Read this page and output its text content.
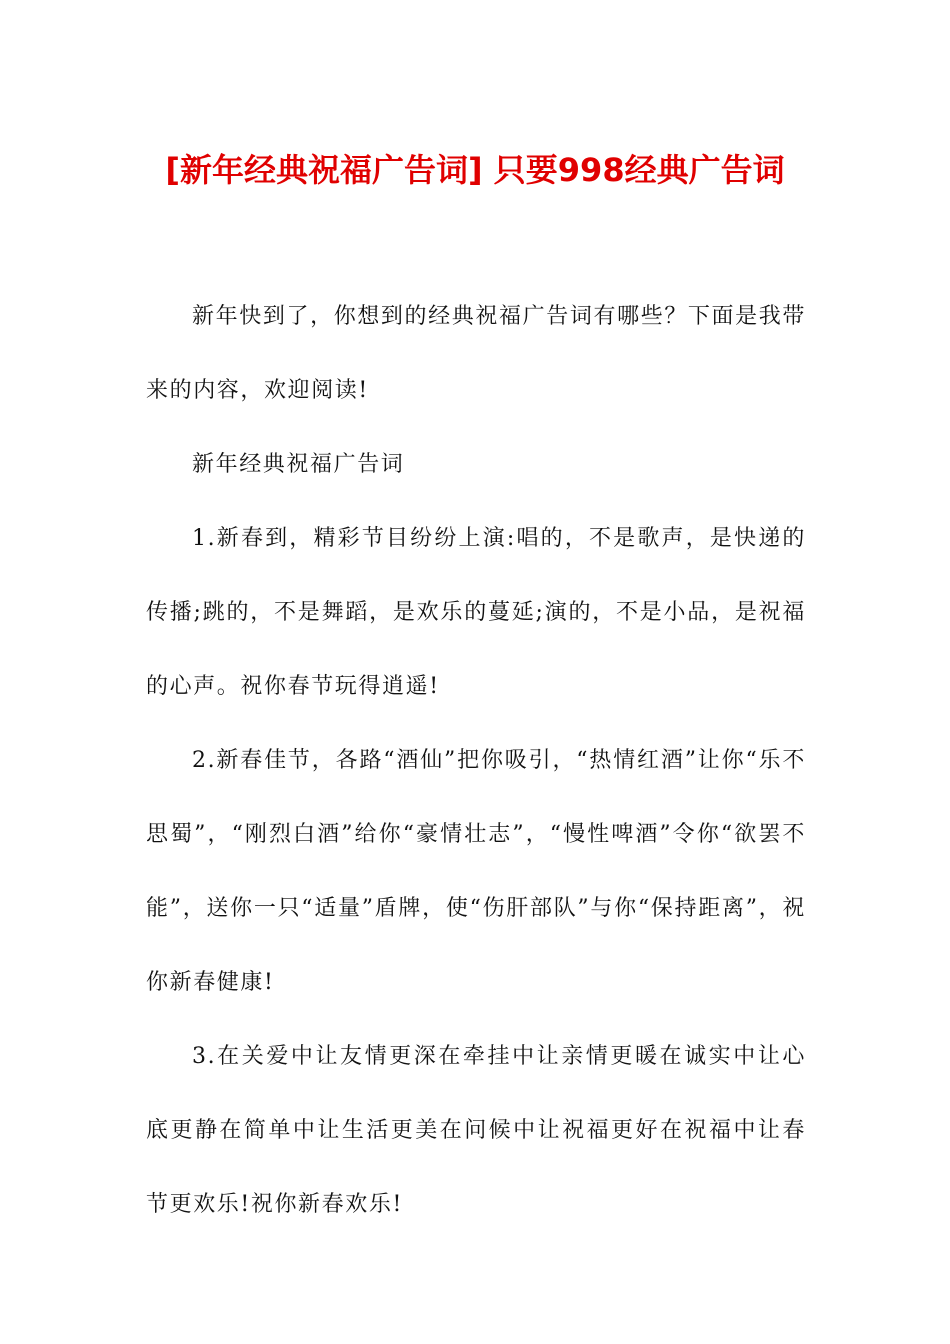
[新年经典祝福广告词] 只要998经典广告词

新年快到了，你想到的经典祝福广告词有哪些？下面是我带来的内容，欢迎阅读!

新年经典祝福广告词

1.新春到，精彩节目纷纷上演:唱的，不是歌声，是快递的传播;跳的，不是舞蹈，是欢乐的蔓延;演的，不是小品，是祝福的心声。祝你春节玩得逍遥!

2.新春佳节，各路“酒仙”把你吸引，“热情红酒”让你“乐不思蜀”，“刚烈白酒”给你“豪情壮志”，“慢性啤酒”令你“欲罢不能”，送你一只“适量”盾牌，使“伤肝部队”与你“保持距离”，祝你新春健康!

3.在关爱中让友情更深在牵挂中让亲情更暖在诚实中让心底更静在简单中让生活更美在问候中让祝福更好在祝福中让春节更欢乐!祝你新春欢乐!
